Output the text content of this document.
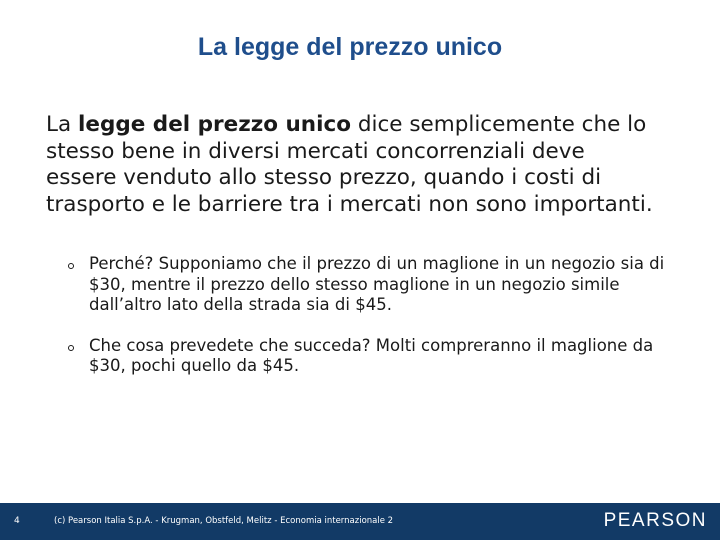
La legge del prezzo unico

La legge del prezzo unico dice semplicemente che lo stesso bene in diversi mercati concorrenziali deve essere venduto allo stesso prezzo, quando i costi di trasporto e le barriere tra i mercati non sono importanti.

Perché? Supponiamo che il prezzo di un maglione in un negozio sia di $30, mentre il prezzo dello stesso maglione in un negozio simile dall’altro lato della strada sia di $45.
Che cosa prevedete che succeda? Molti compreranno il maglione da $30, pochi quello da $45.
4	(c) Pearson Italia S.p.A. - Krugman, Obstfeld, Melitz - Economia internazionale 2	PEARSON
